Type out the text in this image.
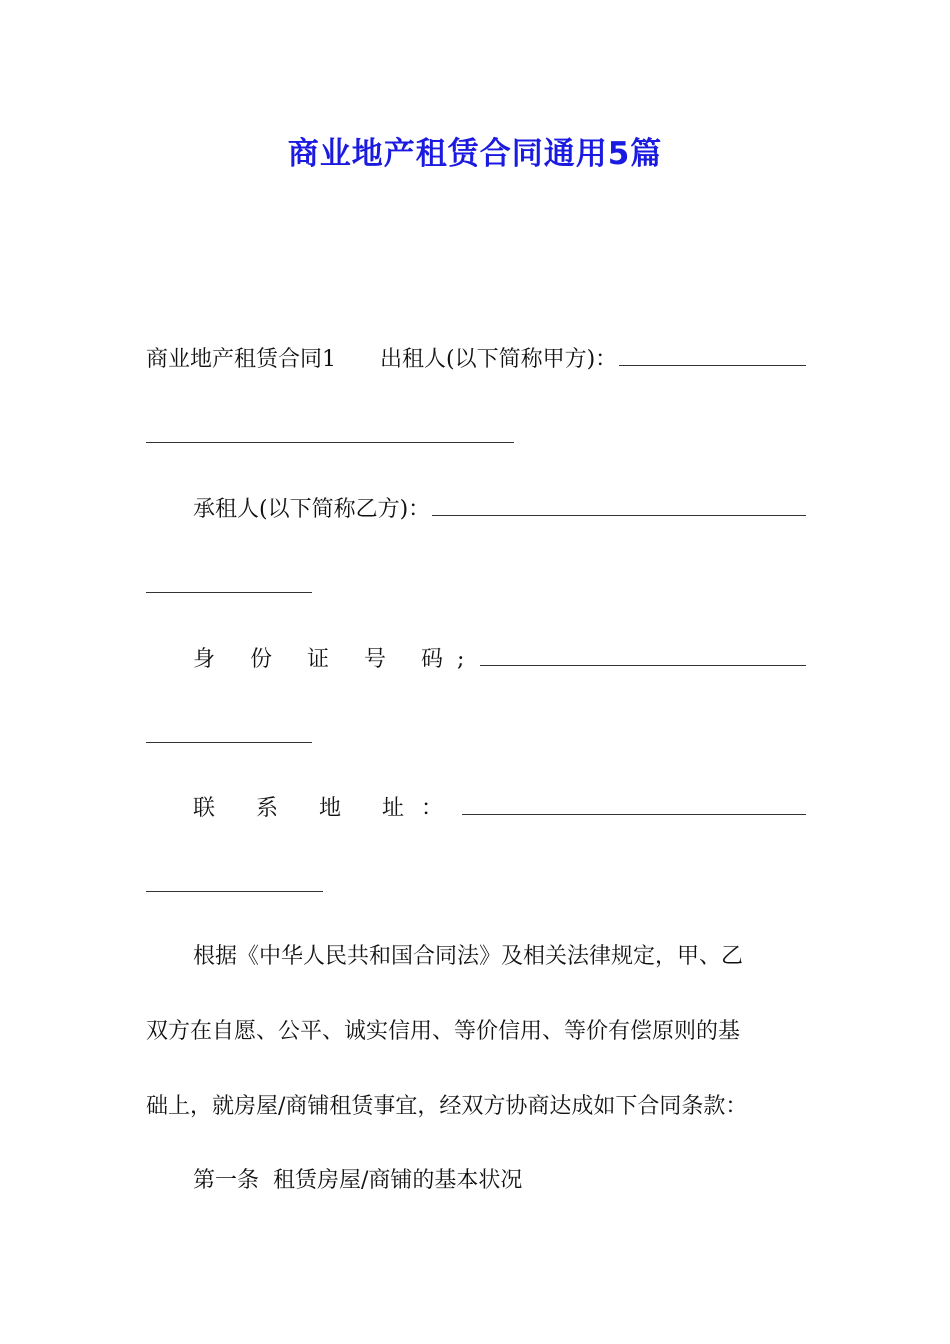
商业地产租赁合同通用5篇
商业地产租赁合同1 出租人(以下简称甲方)：
承租人(以下简称乙方)：
身 份 证 号 码;
联 系 地 址：
根据《中华人民共和国合同法》及相关法律规定，甲、乙
双方在自愿、公平、诚实信用、等价信用、等价有偿原则的基
础上，就房屋/商铺租赁事宜，经双方协商达成如下合同条款：
第一条  租赁房屋/商铺的基本状况
